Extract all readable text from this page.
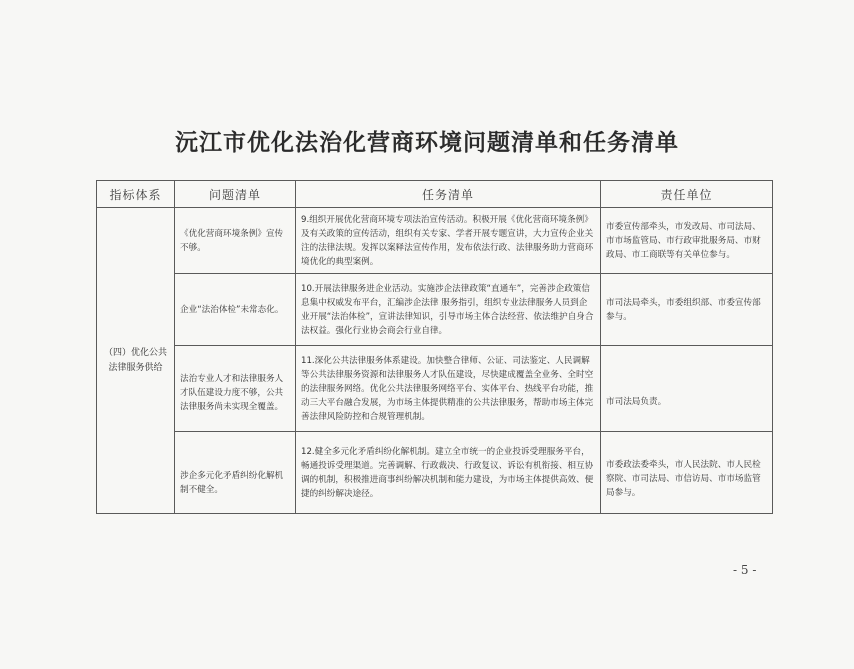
沅江市优化法治化营商环境问题清单和任务清单
指标体系	问题清单	任务清单	责任单位
（四）优化公共法律服务供给	《优化营商环境条例》宣传不够。	9.组织开展优化营商环境专项法治宣传活动。积极开展《优化营商环境条例》及有关政策的宣传活动，组织有关专家、学者开展专题宣讲，大力宣传企业关注的法律法规。发挥以案释法宣传作用，发布依法行政、法律服务助力营商环境优化的典型案例。	市委宣传部牵头，市发改局、市司法局、市市场监管局、市行政审批服务局、市财政局、市工商联等有关单位参与。

	企业“法治体检”未常态化。	10.开展法律服务进企业活动。实施涉企法律政策“直通车”，完善涉企政策信息集中权威发布平台，汇编涉企法律 服务指引，组织专业法律服务人员到企业开展“法治体检”，宣讲法律知识，引导市场主体合法经营、依法维护自身合法权益。强化行业协会商会行业自律。	市司法局牵头，市委组织部、市委宣传部参与。

	法治专业人才和法律服务人才队伍建设力度不够，公共法律服务尚未实现全覆盖。	11.深化公共法律服务体系建设。加快整合律师、公证、司法鉴定、人民调解等公共法律服务资源和法律服务人才队伍建设，尽快建成覆盖全业务、全时空的法律服务网络。优化公共法律服务网络平台、实体平台、热线平台功能，推动三大平台融合发展，为市场主体提供精准的公共法律服务，帮助市场主体完善法律风险防控和合规管理机制。	市司法局负责。

	涉企多元化矛盾纠纷化解机制不健全。	12.健全多元化矛盾纠纷化解机制。建立全市统一的企业投诉受理服务平台，畅通投诉受理渠道。完善调解、行政裁决、行政复议、诉讼有机衔接、相互协调的机制，积极推进商事纠纷解决机制和能力建设，为市场主体提供高效、便捷的纠纷解决途径。	市委政法委牵头，市人民法院、市人民检察院、市司法局、市信访局、市市场监管局参与。
- 5 -
